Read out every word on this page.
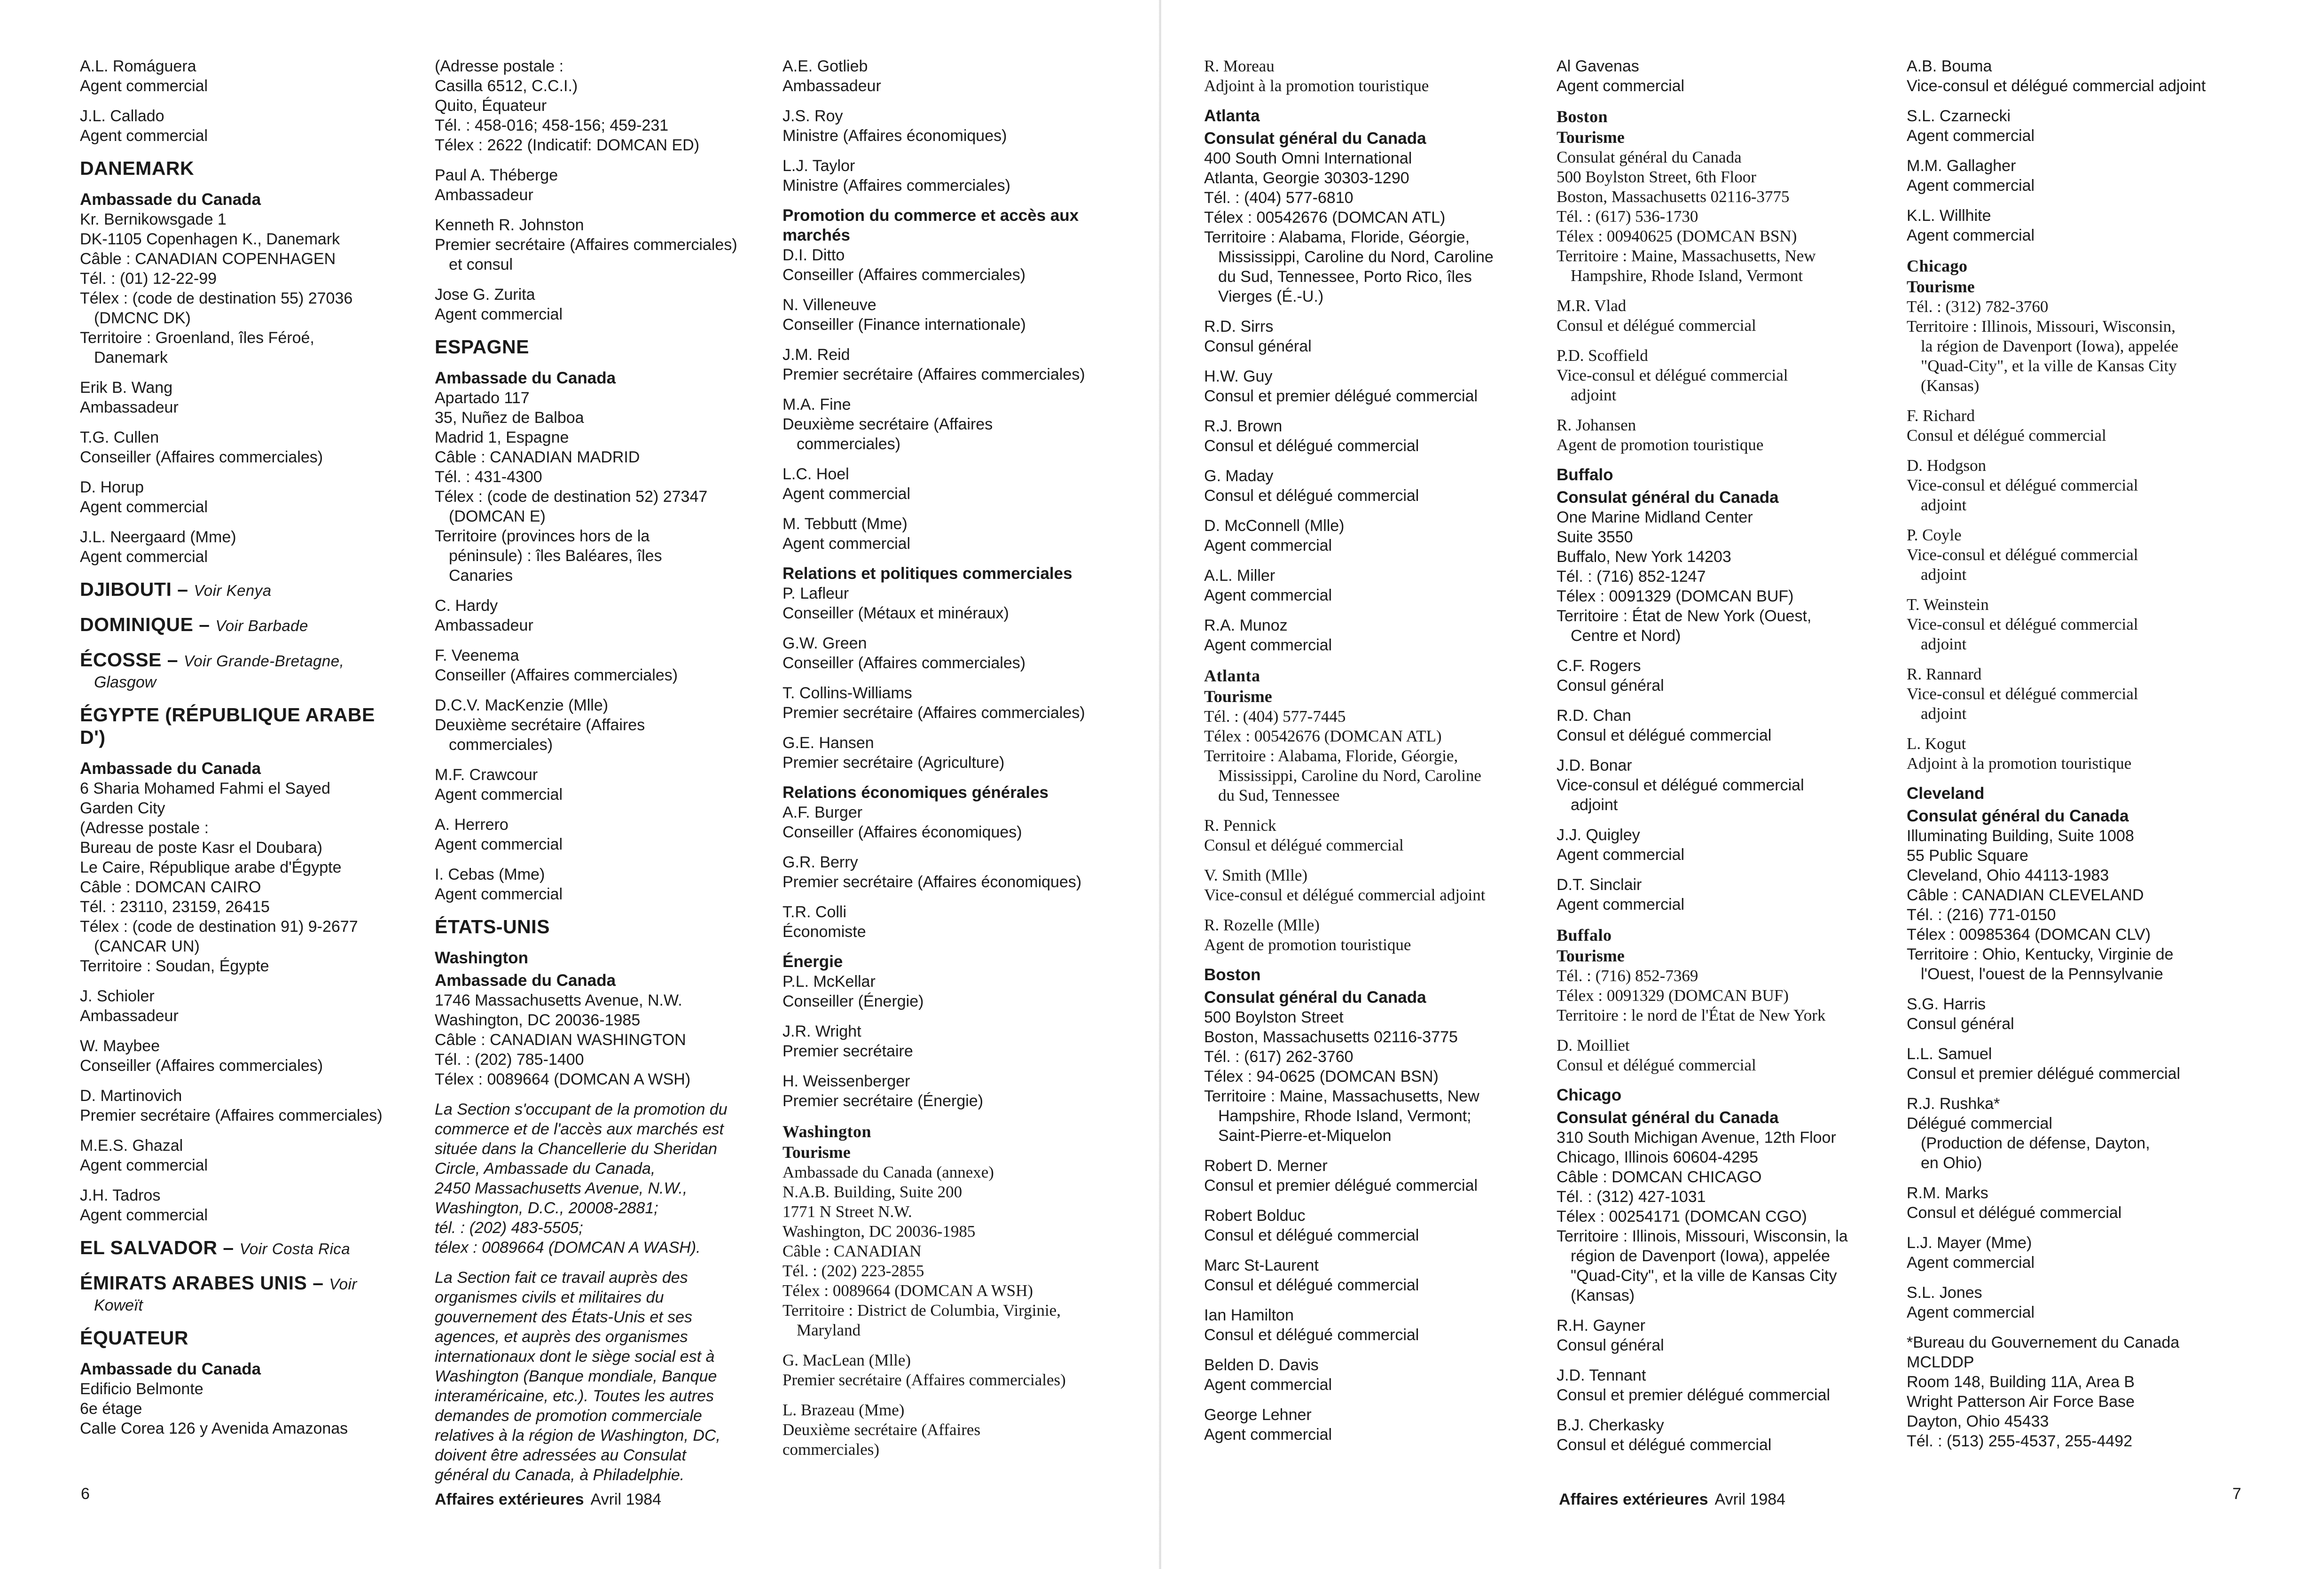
A.L. Romáguera
Agent commercial
J.L. Callado
Agent commercial
DANEMARK
Ambassade du Canada
Kr. Bernikowsgade 1
DK-1105 Copenhagen K., Danemark
Câble : CANADIAN COPENHAGEN
Tél. : (01) 12-22-99
Télex : (code de destination 55) 27036
(DMCNC DK)
Territoire : Groenland, îles Féroé,
Danemark
Erik B. Wang
Ambassadeur
T.G. Cullen
Conseiller (Affaires commerciales)
D. Horup
Agent commercial
J.L. Neergaard (Mme)
Agent commercial
DJIBOUTI – Voir Kenya
DOMINIQUE – Voir Barbade
ÉCOSSE – Voir Grande-Bretagne,
Glasgow
ÉGYPTE (RÉPUBLIQUE ARABE D')
Ambassade du Canada
6 Sharia Mohamed Fahmi el Sayed
Garden City
(Adresse postale :
Bureau de poste Kasr el Doubara)
Le Caire, République arabe d'Égypte
Câble : DOMCAN CAIRO
Tél. : 23110, 23159, 26415
Télex : (code de destination 91) 9-2677
(CANCAR UN)
Territoire : Soudan, Égypte
J. Schioler
Ambassadeur
W. Maybee
Conseiller (Affaires commerciales)
D. Martinovich
Premier secrétaire (Affaires commerciales)
M.E.S. Ghazal
Agent commercial
J.H. Tadros
Agent commercial
EL SALVADOR – Voir Costa Rica
ÉMIRATS ARABES UNIS – Voir
Koweït
ÉQUATEUR
Ambassade du Canada
Edificio Belmonte
6e étage
Calle Corea 126 y Avenida Amazonas
(Adresse postale :
Casilla 6512, C.C.I.)
Quito, Équateur
Tél. : 458-016; 458-156; 459-231
Télex : 2622 (Indicatif: DOMCAN ED)
Paul A. Théberge
Ambassadeur
Kenneth R. Johnston
Premier secrétaire (Affaires commerciales)
et consul
Jose G. Zurita
Agent commercial
ESPAGNE
Ambassade du Canada
Apartado 117
35, Nuñez de Balboa
Madrid 1, Espagne
Câble : CANADIAN MADRID
Tél. : 431-4300
Télex : (code de destination 52) 27347
(DOMCAN E)
Territoire (provinces hors de la
péninsule) : îles Baléares, îles
Canaries
C. Hardy
Ambassadeur
F. Veenema
Conseiller (Affaires commerciales)
D.C.V. MacKenzie (Mlle)
Deuxième secrétaire (Affaires
commerciales)
M.F. Crawcour
Agent commercial
A. Herrero
Agent commercial
I. Cebas (Mme)
Agent commercial
ÉTATS-UNIS
Washington
Ambassade du Canada
1746 Massachusetts Avenue, N.W.
Washington, DC 20036-1985
Câble : CANADIAN WASHINGTON
Tél. : (202) 785-1400
Télex : 0089664 (DOMCAN A WSH)
La Section s'occupant de la promotion du
commerce et de l'accès aux marchés est
située dans la Chancellerie du Sheridan
Circle, Ambassade du Canada,
2450 Massachusetts Avenue, N.W.,
Washington, D.C., 20008-2881;
tél. : (202) 483-5505;
télex : 0089664 (DOMCAN A WASH).
La Section fait ce travail auprès des
organismes civils et militaires du
gouvernement des États-Unis et ses
agences, et auprès des organismes
internationaux dont le siège social est à
Washington (Banque mondiale, Banque
interaméricaine, etc.). Toutes les autres
demandes de promotion commerciale
relatives à la région de Washington, DC,
doivent être adressées au Consulat
général du Canada, à Philadelphie.
A.E. Gotlieb
Ambassadeur
J.S. Roy
Ministre (Affaires économiques)
L.J. Taylor
Ministre (Affaires commerciales)
Promotion du commerce et accès aux marchés
D.I. Ditto
Conseiller (Affaires commerciales)
N. Villeneuve
Conseiller (Finance internationale)
J.M. Reid
Premier secrétaire (Affaires commerciales)
M.A. Fine
Deuxième secrétaire (Affaires
commerciales)
L.C. Hoel
Agent commercial
M. Tebbutt (Mme)
Agent commercial
Relations et politiques commerciales
P. Lafleur
Conseiller (Métaux et minéraux)
G.W. Green
Conseiller (Affaires commerciales)
T. Collins-Williams
Premier secrétaire (Affaires commerciales)
G.E. Hansen
Premier secrétaire (Agriculture)
Relations économiques générales
A.F. Burger
Conseiller (Affaires économiques)
G.R. Berry
Premier secrétaire (Affaires économiques)
T.R. Colli
Économiste
Énergie
P.L. McKellar
Conseiller (Énergie)
J.R. Wright
Premier secrétaire
H. Weissenberger
Premier secrétaire (Énergie)
Washington
Tourisme
Ambassade du Canada (annexe)
N.A.B. Building, Suite 200
1771 N Street N.W.
Washington, DC 20036-1985
Câble : CANADIAN
Tél. : (202) 223-2855
Télex : 0089664 (DOMCAN A WSH)
Territoire : District de Columbia, Virginie,
Maryland
G. MacLean (Mlle)
Premier secrétaire (Affaires commerciales)
L. Brazeau (Mme)
Deuxième secrétaire (Affaires
commerciales)
6	Affaires extérieures Avril 1984
R. Moreau
Adjoint à la promotion touristique
Atlanta
Consulat général du Canada
400 South Omni International
Atlanta, Georgie 30303-1290
Tél. : (404) 577-6810
Télex : 00542676 (DOMCAN ATL)
Territoire : Alabama, Floride, Géorgie,
Mississippi, Caroline du Nord, Caroline
du Sud, Tennessee, Porto Rico, îles
Vierges (É.-U.)
R.D. Sirrs
Consul général
H.W. Guy
Consul et premier délégué commercial
R.J. Brown
Consul et délégué commercial
G. Maday
Consul et délégué commercial
D. McConnell (Mlle)
Agent commercial
A.L. Miller
Agent commercial
R.A. Munoz
Agent commercial
Atlanta
Tourisme
Tél. : (404) 577-7445
Télex : 00542676 (DOMCAN ATL)
Territoire : Alabama, Floride, Géorgie,
Mississippi, Caroline du Nord, Caroline
du Sud, Tennessee
R. Pennick
Consul et délégué commercial
V. Smith (Mlle)
Vice-consul et délégué commercial adjoint
R. Rozelle (Mlle)
Agent de promotion touristique
Boston
Consulat général du Canada
500 Boylston Street
Boston, Massachusetts 02116-3775
Tél. : (617) 262-3760
Télex : 94-0625 (DOMCAN BSN)
Territoire : Maine, Massachusetts, New
Hampshire, Rhode Island, Vermont;
Saint-Pierre-et-Miquelon
Robert D. Merner
Consul et premier délégué commercial
Robert Bolduc
Consul et délégué commercial
Marc St-Laurent
Consul et délégué commercial
Ian Hamilton
Consul et délégué commercial
Belden D. Davis
Agent commercial
George Lehner
Agent commercial
Al Gavenas
Agent commercial
Boston
Tourisme
Consulat général du Canada
500 Boylston Street, 6th Floor
Boston, Massachusetts 02116-3775
Tél. : (617) 536-1730
Télex : 00940625 (DOMCAN BSN)
Territoire : Maine, Massachusetts, New
Hampshire, Rhode Island, Vermont
M.R. Vlad
Consul et délégué commercial
P.D. Scoffield
Vice-consul et délégué commercial
adjoint
R. Johansen
Agent de promotion touristique
Buffalo
Consulat général du Canada
One Marine Midland Center
Suite 3550
Buffalo, New York 14203
Tél. : (716) 852-1247
Télex : 0091329 (DOMCAN BUF)
Territoire : État de New York (Ouest,
Centre et Nord)
C.F. Rogers
Consul général
R.D. Chan
Consul et délégué commercial
J.D. Bonar
Vice-consul et délégué commercial
adjoint
J.J. Quigley
Agent commercial
D.T. Sinclair
Agent commercial
Buffalo
Tourisme
Tél. : (716) 852-7369
Télex : 0091329 (DOMCAN BUF)
Territoire : le nord de l'État de New York
D. Moilliet
Consul et délégué commercial
Chicago
Consulat général du Canada
310 South Michigan Avenue, 12th Floor
Chicago, Illinois 60604-4295
Câble : DOMCAN CHICAGO
Tél. : (312) 427-1031
Télex : 00254171 (DOMCAN CGO)
Territoire : Illinois, Missouri, Wisconsin, la
région de Davenport (Iowa), appelée
"Quad-City", et la ville de Kansas City
(Kansas)
R.H. Gayner
Consul général
J.D. Tennant
Consul et premier délégué commercial
B.J. Cherkasky
Consul et délégué commercial
A.B. Bouma
Vice-consul et délégué commercial adjoint
S.L. Czarnecki
Agent commercial
M.M. Gallagher
Agent commercial
K.L. Willhite
Agent commercial
Chicago
Tourisme
Tél. : (312) 782-3760
Territoire : Illinois, Missouri, Wisconsin,
la région de Davenport (Iowa), appelée
"Quad-City", et la ville de Kansas City
(Kansas)
F. Richard
Consul et délégué commercial
D. Hodgson
Vice-consul et délégué commercial
adjoint
P. Coyle
Vice-consul et délégué commercial
adjoint
T. Weinstein
Vice-consul et délégué commercial
adjoint
R. Rannard
Vice-consul et délégué commercial
adjoint
L. Kogut
Adjoint à la promotion touristique
Cleveland
Consulat général du Canada
Illuminating Building, Suite 1008
55 Public Square
Cleveland, Ohio 44113-1983
Câble : CANADIAN CLEVELAND
Tél. : (216) 771-0150
Télex : 00985364 (DOMCAN CLV)
Territoire : Ohio, Kentucky, Virginie de
l'Ouest, l'ouest de la Pennsylvanie
S.G. Harris
Consul général
L.L. Samuel
Consul et premier délégué commercial
R.J. Rushka*
Délégué commercial
(Production de défense, Dayton,
en Ohio)
R.M. Marks
Consul et délégué commercial
L.J. Mayer (Mme)
Agent commercial
S.L. Jones
Agent commercial
*Bureau du Gouvernement du Canada
MCLDDP
Room 148, Building 11A, Area B
Wright Patterson Air Force Base
Dayton, Ohio 45433
Tél. : (513) 255-4537, 255-4492
7
Affaires extérieures Avril 1984
